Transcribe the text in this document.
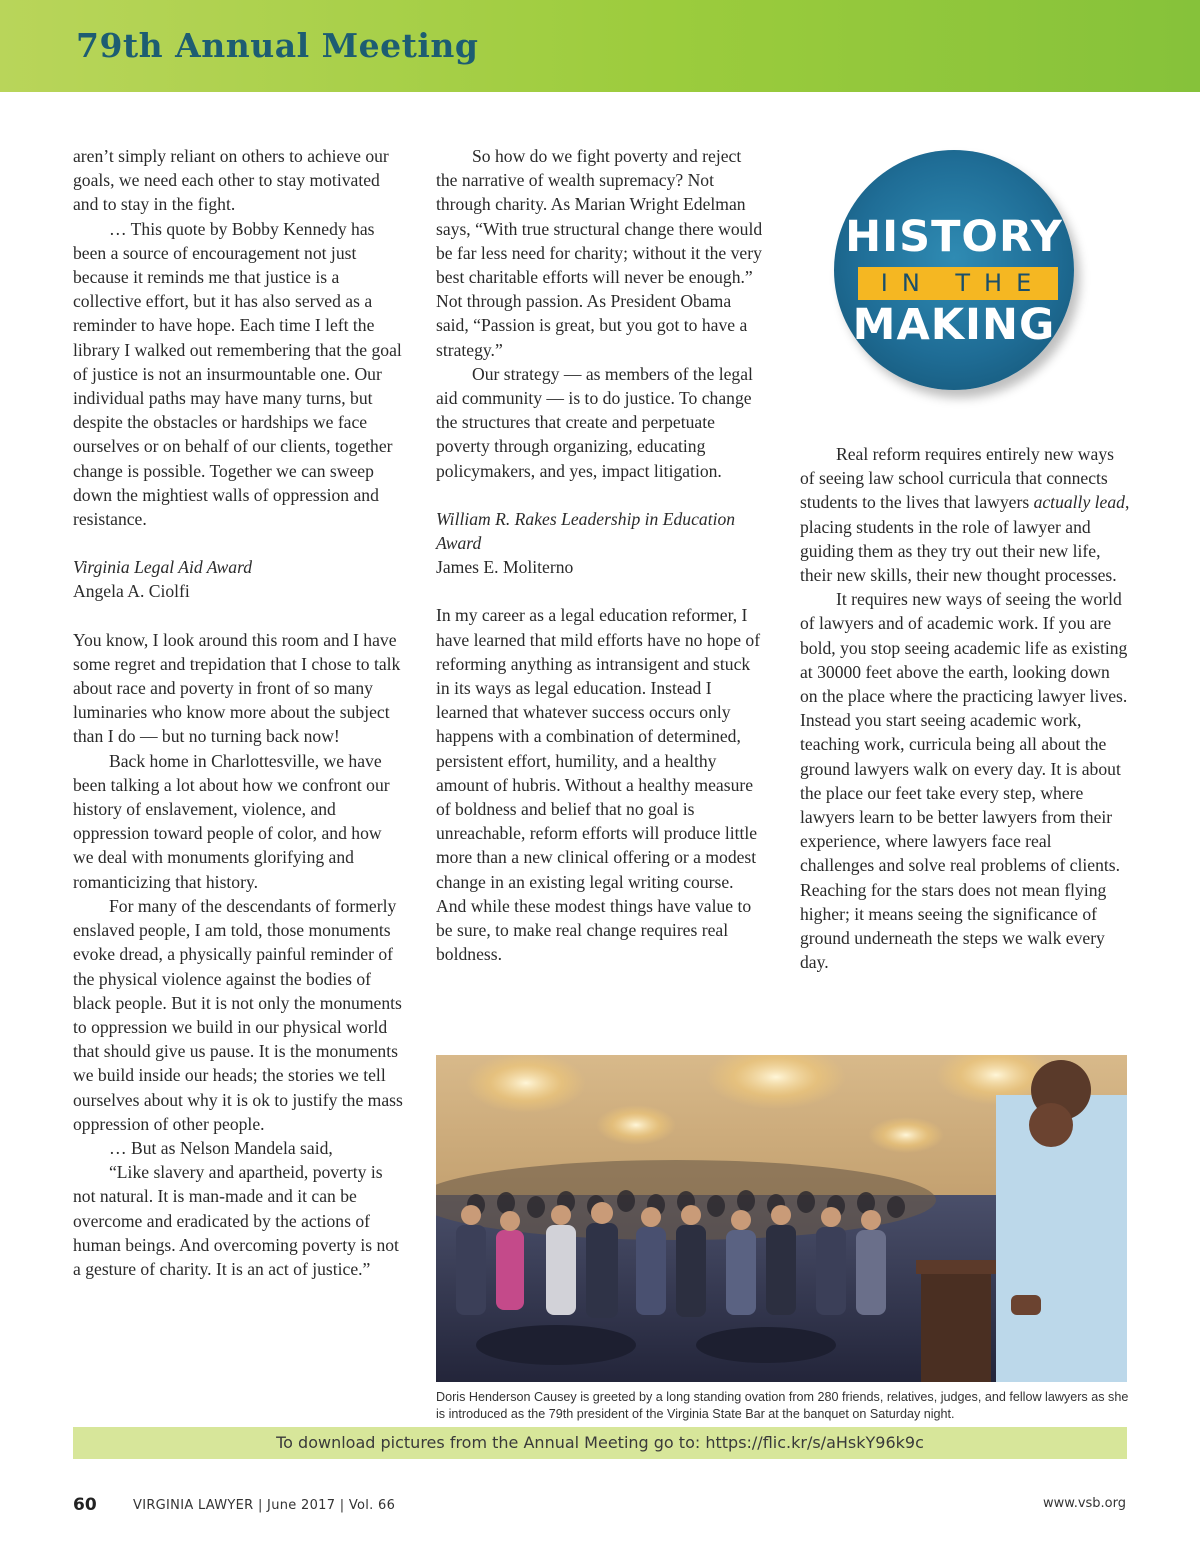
79th Annual Meeting

aren’t simply reliant on others to achieve our goals, we need each other to stay motivated and to stay in the fight.

… This quote by Bobby Kennedy has been a source of encouragement not just because it reminds me that justice is a collective effort, but it has also served as a reminder to have hope. Each time I left the library I walked out remembering that the goal of justice is not an insurmountable one. Our individual paths may have many turns, but despite the obstacles or hardships we face ourselves or on behalf of our clients, together change is possible. Together we can sweep down the mightiest walls of oppression and resistance.

Virginia Legal Aid Award

Angela A. Ciolfi

You know, I look around this room and I have some regret and trepidation that I chose to talk about race and poverty in front of so many luminaries who know more about the subject than I do — but no turning back now!

Back home in Charlottesville, we have been talking a lot about how we confront our history of enslavement, violence, and oppression toward people of color, and how we deal with monuments glorifying and romanticizing that history.

For many of the descendants of formerly enslaved people, I am told, those monuments evoke dread, a physically painful reminder of the physical violence against the bodies of black people. But it is not only the monuments to oppression we build in our physical world that should give us pause. It is the monuments we build inside our heads; the stories we tell ourselves about why it is ok to justify the mass oppression of other people.

… But as Nelson Mandela said,

“Like slavery and apartheid, poverty is not natural. It is man-made and it can be overcome and eradicated by the actions of human beings. And overcoming poverty is not a gesture of charity. It is an act of justice.”

So how do we fight poverty and reject the narrative of wealth supremacy? Not through charity. As Marian Wright Edelman says, “With true structural change there would be far less need for charity; without it the very best charitable efforts will never be enough.” Not through passion. As President Obama said, “Passion is great, but you got to have a strategy.”

Our strategy — as members of the legal aid community — is to do justice. To change the structures that create and perpetuate poverty through organizing, educating policymakers, and yes, impact litigation.

William R. Rakes Leadership in Education Award

James E. Moliterno

In my career as a legal education reformer, I have learned that mild efforts have no hope of reforming anything as intransigent and stuck in its ways as legal education. Instead I learned that whatever success occurs only happens with a combination of determined, persistent effort, humility, and a healthy amount of hubris. Without a healthy measure of boldness and belief that no goal is unreachable, reform efforts will produce little more than a new clinical offering or a modest change in an existing legal writing course. And while these modest things have value to be sure, to make real change requires real boldness.

HISTORY
IN THE
MAKING

Real reform requires entirely new ways of seeing law school curricula that connects students to the lives that lawyers actually lead, placing students in the role of lawyer and guiding them as they try out their new life, their new skills, their new thought processes.

It requires new ways of seeing the world of lawyers and of academic work. If you are bold, you stop seeing academic life as existing at 30000 feet above the earth, looking down on the place where the practicing lawyer lives. Instead you start seeing academic work, teaching work, curricula being all about the ground lawyers walk on every day. It is about the place our feet take every step, where lawyers learn to be better lawyers from their experience, where lawyers face real challenges and solve real problems of clients. Reaching for the stars does not mean flying higher; it means seeing the significance of ground underneath the steps we walk every day.

Doris Henderson Causey is greeted by a long standing ovation from 280 friends, relatives, judges, and fellow lawyers as she is introduced as the 79th president of the Virginia State Bar at the banquet on Saturday night.
To download pictures from the Annual Meeting go to: https://flic.kr/s/aHskY96k9c
60	VIRGINIA LAWYER | June 2017 | Vol. 66	www.vsb.org
